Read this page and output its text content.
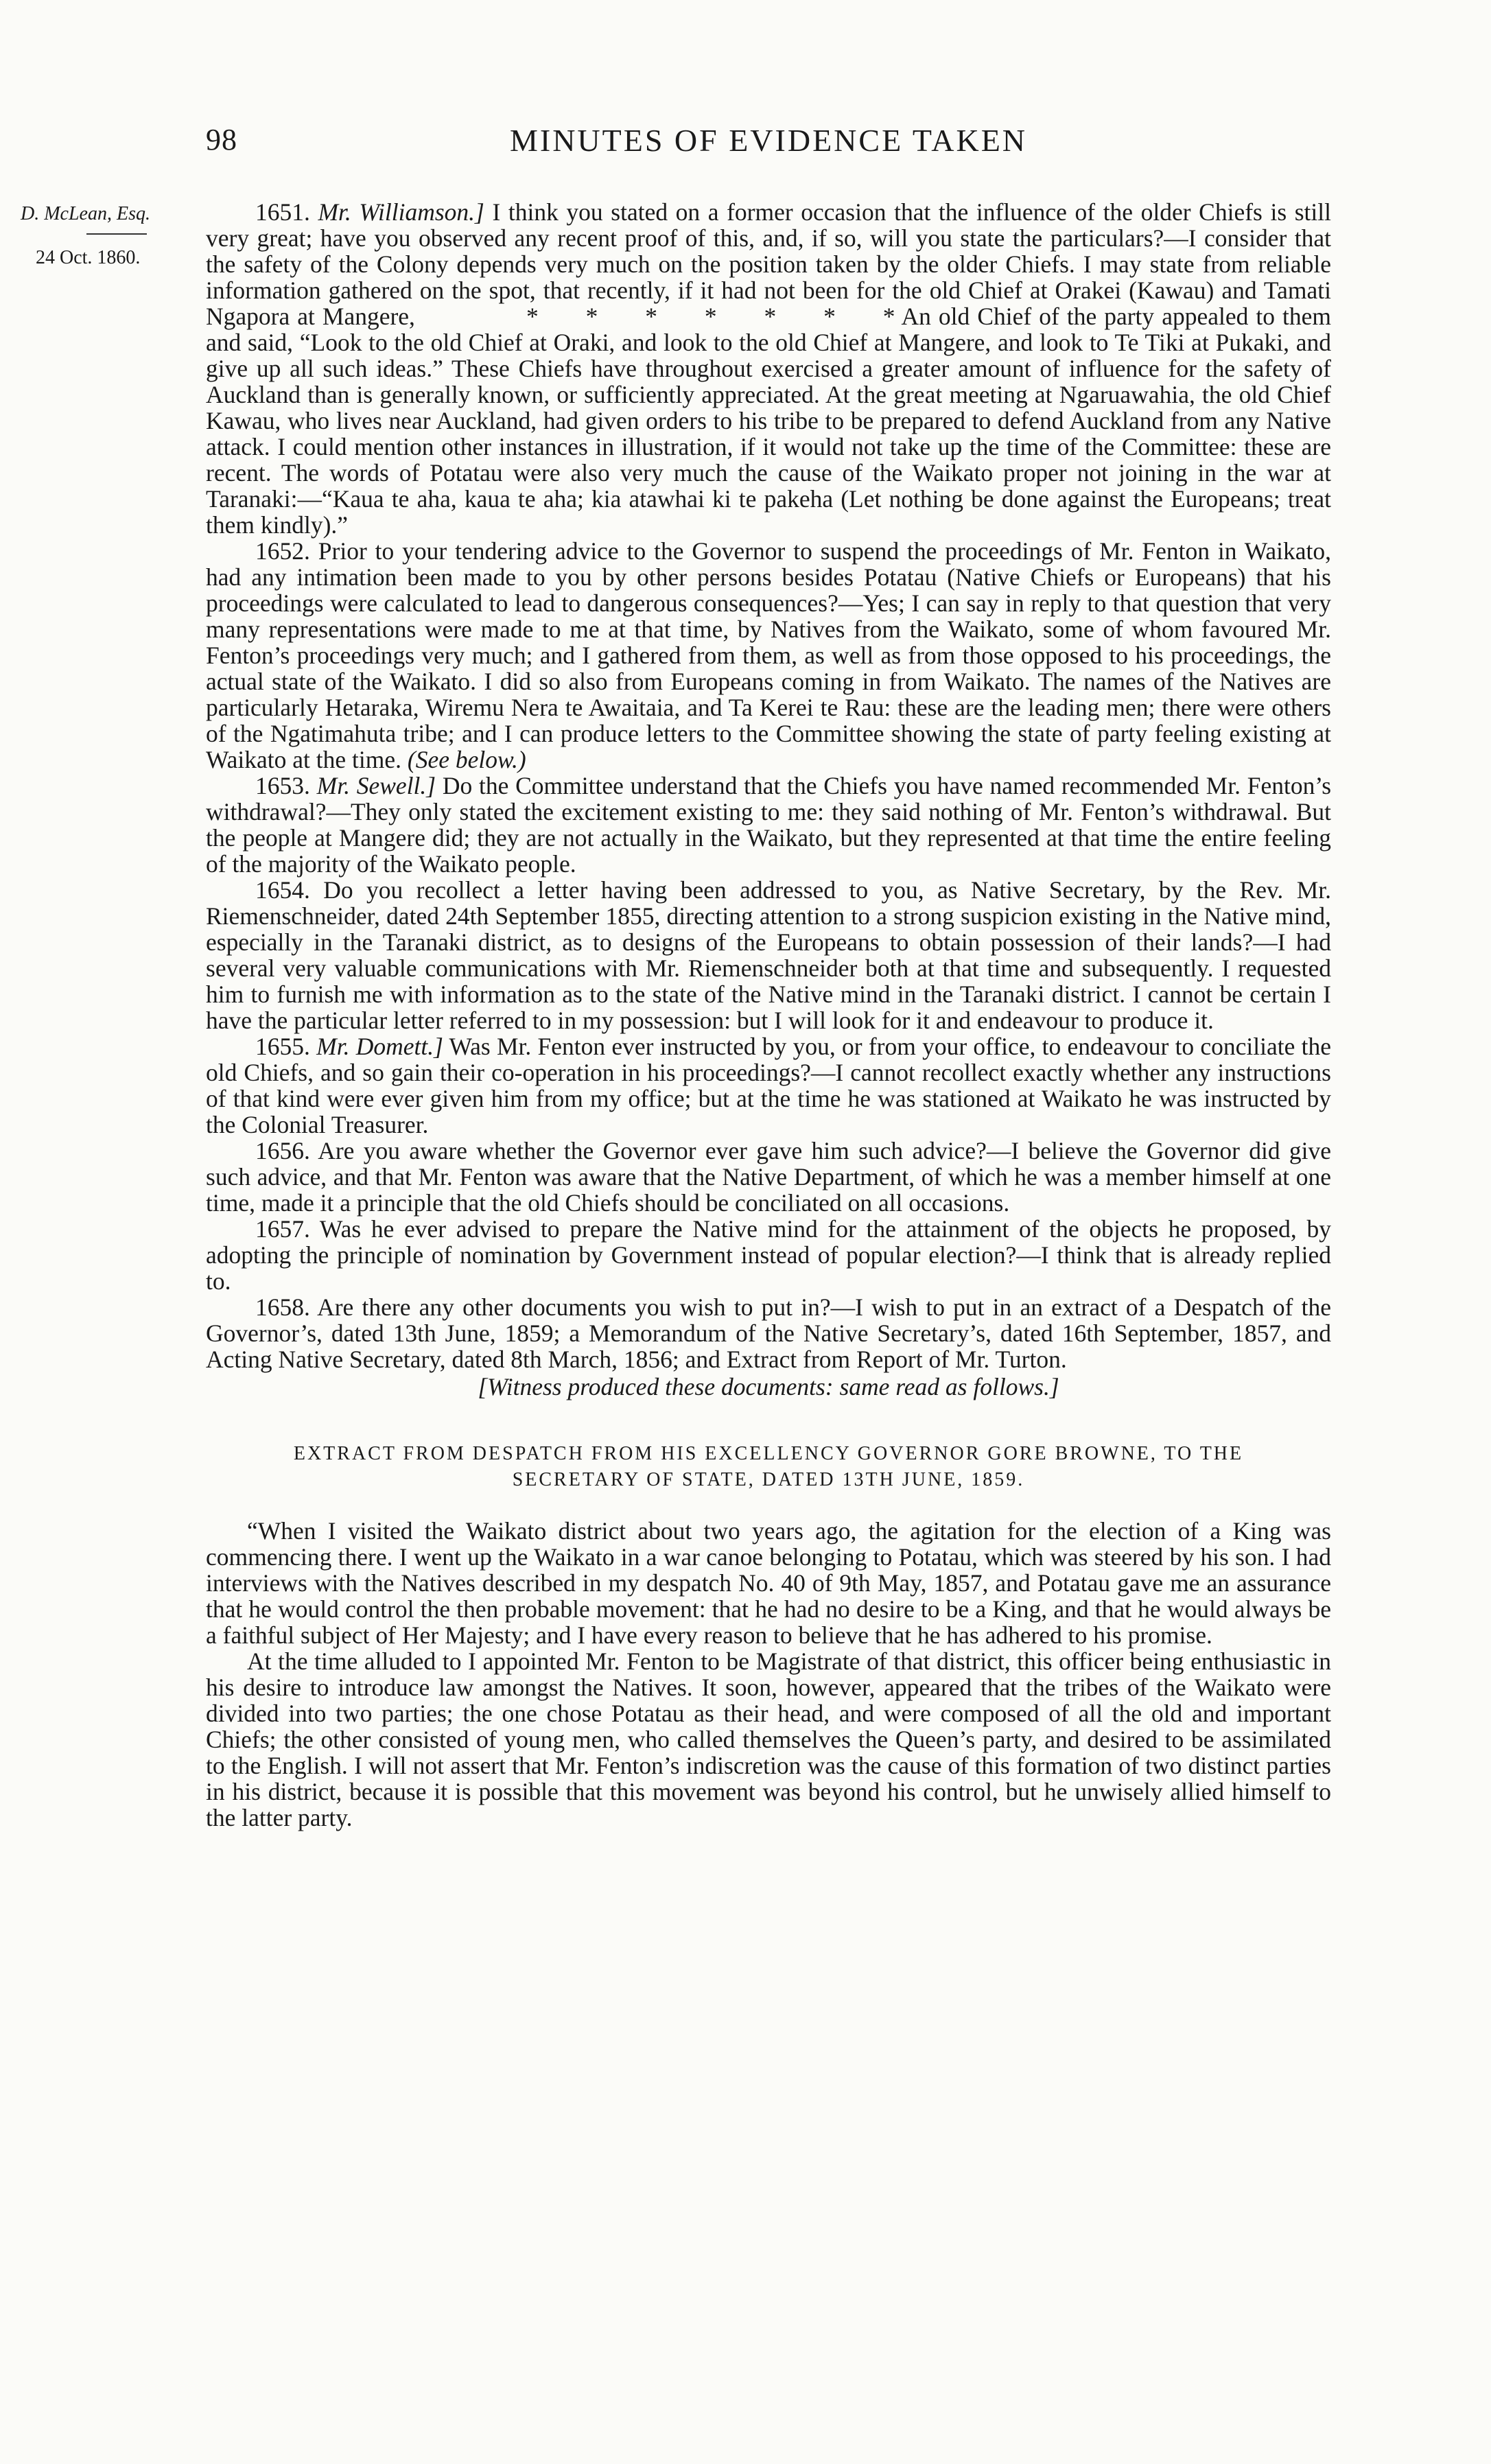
98	MINUTES OF EVIDENCE TAKEN
D. McLean, Esq.
24 Oct. 1860.

1651. Mr. Williamson.] I think you stated on a former occasion that the influence of the older Chiefs is still very great; have you observed any recent proof of this, and, if so, will you state the particulars?—I consider that the safety of the Colony depends very much on the position taken by the older Chiefs. I may state from reliable information gathered on the spot, that recently, if it had not been for the old Chief at Orakei (Kawau) and Tamati Ngapora at Mangere,	* * * * * * * An old Chief of the party appealed to them and said, “Look to the old Chief at Oraki, and look to the old Chief at Mangere, and look to Te Tiki at Pukaki, and give up all such ideas.” These Chiefs have throughout exercised a greater amount of influence for the safety of Auckland than is generally known, or sufficiently appreciated. At the great meeting at Ngaruawahia, the old Chief Kawau, who lives near Auckland, had given orders to his tribe to be prepared to defend Auckland from any Native attack. I could mention other instances in illustration, if it would not take up the time of the Committee: these are recent. The words of Potatau were also very much the cause of the Waikato proper not joining in the war at Taranaki:—“Kaua te aha, kaua te aha; kia atawhai ki te pakeha (Let nothing be done against the Europeans; treat them kindly).”

1652. Prior to your tendering advice to the Governor to suspend the proceedings of Mr. Fenton in Waikato, had any intimation been made to you by other persons besides Potatau (Native Chiefs or Europeans) that his proceedings were calculated to lead to dangerous consequences?—Yes; I can say in reply to that question that very many representations were made to me at that time, by Natives from the Waikato, some of whom favoured Mr. Fenton’s proceedings very much; and I gathered from them, as well as from those opposed to his proceedings, the actual state of the Waikato. I did so also from Europeans coming in from Waikato. The names of the Natives are particularly Hetaraka, Wiremu Nera te Awaitaia, and Ta Kerei te Rau: these are the leading men; there were others of the Ngatimahuta tribe; and I can produce letters to the Committee showing the state of party feeling existing at Waikato at the time. (See below.)

1653. Mr. Sewell.] Do the Committee understand that the Chiefs you have named recommended Mr. Fenton’s withdrawal?—They only stated the excitement existing to me: they said nothing of Mr. Fenton’s withdrawal. But the people at Mangere did; they are not actually in the Waikato, but they represented at that time the entire feeling of the majority of the Waikato people.

1654. Do you recollect a letter having been addressed to you, as Native Secretary, by the Rev. Mr. Riemenschneider, dated 24th September 1855, directing attention to a strong suspicion existing in the Native mind, especially in the Taranaki district, as to designs of the Europeans to obtain possession of their lands?—I had several very valuable communications with Mr. Riemenschneider both at that time and subsequently. I requested him to furnish me with information as to the state of the Native mind in the Taranaki district. I cannot be certain I have the particular letter referred to in my possession: but I will look for it and endeavour to produce it.

1655. Mr. Domett.] Was Mr. Fenton ever instructed by you, or from your office, to endeavour to conciliate the old Chiefs, and so gain their co-operation in his proceedings?—I cannot recollect exactly whether any instructions of that kind were ever given him from my office; but at the time he was stationed at Waikato he was instructed by the Colonial Treasurer.

1656. Are you aware whether the Governor ever gave him such advice?—I believe the Governor did give such advice, and that Mr. Fenton was aware that the Native Department, of which he was a member himself at one time, made it a principle that the old Chiefs should be conciliated on all occasions.

1657. Was he ever advised to prepare the Native mind for the attainment of the objects he proposed, by adopting the principle of nomination by Government instead of popular election?—I think that is already replied to.

1658. Are there any other documents you wish to put in?—I wish to put in an extract of a Despatch of the Governor’s, dated 13th June, 1859; a Memorandum of the Native Secretary’s, dated 16th September, 1857, and Acting Native Secretary, dated 8th March, 1856; and Extract from Report of Mr. Turton.

[Witness produced these documents: same read as follows.]

EXTRACT FROM DESPATCH FROM HIS EXCELLENCY GOVERNOR GORE BROWNE, TO THE SECRETARY OF STATE, DATED 13TH JUNE, 1859.

“When I visited the Waikato district about two years ago, the agitation for the election of a King was commencing there. I went up the Waikato in a war canoe belonging to Potatau, which was steered by his son. I had interviews with the Natives described in my despatch No. 40 of 9th May, 1857, and Potatau gave me an assurance that he would control the then probable movement: that he had no desire to be a King, and that he would always be a faithful subject of Her Majesty; and I have every reason to believe that he has adhered to his promise.

At the time alluded to I appointed Mr. Fenton to be Magistrate of that district, this officer being enthusiastic in his desire to introduce law amongst the Natives. It soon, however, appeared that the tribes of the Waikato were divided into two parties; the one chose Potatau as their head, and were composed of all the old and important Chiefs; the other consisted of young men, who called themselves the Queen’s party, and desired to be assimilated to the English. I will not assert that Mr. Fenton’s indiscretion was the cause of this formation of two distinct parties in his district, because it is possible that this movement was beyond his control, but he unwisely allied himself to the latter party.
